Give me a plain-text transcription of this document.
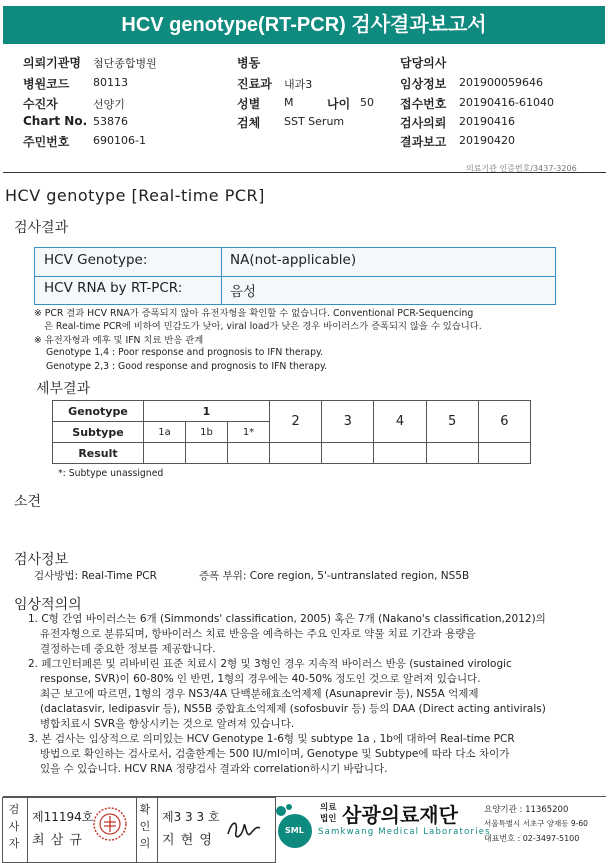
HCV genotype(RT-PCR) 검사결과보고서
의뢰기관명 첨단종합병원
병원코드 80113
수진자	선양기
Chart No. 53876
주민번호 690106-1
병동
진료과 내과3
성별 M	나이 50
검체 SST Serum
담당의사
임상정보 201900059646
접수번호 20190416-61040
검사의뢰 20190416
결과보고 20190420
의료기관 인증번호/3437-3206
HCV genotype [Real-time PCR]
검사결과
HCV Genotype:	NA(not-applicable)
HCV RNA by RT-PCR:	음성
※ PCR 결과 HCV RNA가 증폭되지 않아 유전자형을 확인할 수 없습니다. Conventional PCR-Sequencing
은 Real-time PCR에 비하여 민감도가 낮아, viral load가 낮은 경우 바이러스가 증폭되지 않을 수 있습니다.
※ 유전자형과 예후 및 IFN 치료 반응 관계
Genotype 1,4 : Poor response and prognosis to IFN therapy.
Genotype 2,3 : Good response and prognosis to IFN therapy.
세부결과
Genotype	1			2	3	4	5	6
Subtype	1a	1b	1*					
Result								
*: Subtype unassigned
소견
검사정보
검사방법: Real-Time PCR	증폭 부위: Core region, 5'-untranslated region, NS5B
임상적의의
1. C형 간염 바이러스는 6개 (Simmonds' classification, 2005) 혹은 7개 (Nakano's classification,2012)의
유전자형으로 분류되며, 항바이러스 치료 반응을 예측하는 주요 인자로 약물 치료 기간과 용량을
결정하는데 중요한 정보를 제공합니다.
2. 페그인터페론 및 리바비린 표준 치료시 2형 및 3형인 경우 지속적 바이러스 반응 (sustained virologic
response, SVR)이 60-80% 인 반면, 1형의 경우에는 40-50% 정도인 것으로 알려져 있습니다.
최근 보고에 따르면, 1형의 경우 NS3/4A 단백분해효소억제제 (Asunaprevir 등), NS5A 억제제
(daclatasvir, ledipasvir 등), NS5B 중합효소억제제 (sofosbuvir 등) 등의 DAA (Direct acting antivirals)
병합치료시 SVR을 향상시키는 것으로 알려져 있습니다.
3. 본 검사는 임상적으로 의미있는 HCV Genotype 1-6형 및 subtype 1a , 1b에 대하여 Real-time PCR
방법으로 확인하는 검사로서, 검출한계는 500 IU/ml이며, Genotype 및 Subtype에 따라 다소 차이가
있을 수 있습니다. HCV RNA 정량검사 결과와 correlation하시기 바랍니다.
검사자
제11194호
최 삼 규
확인의
제3 3 3 호
지 현 영
SML
의료법인 삼광의료재단
Samkwang Medical Laboratories
요양기관 : 11365200
서울특별시 서초구 양재동 9-60
대표번호 : 02-3497-5100
